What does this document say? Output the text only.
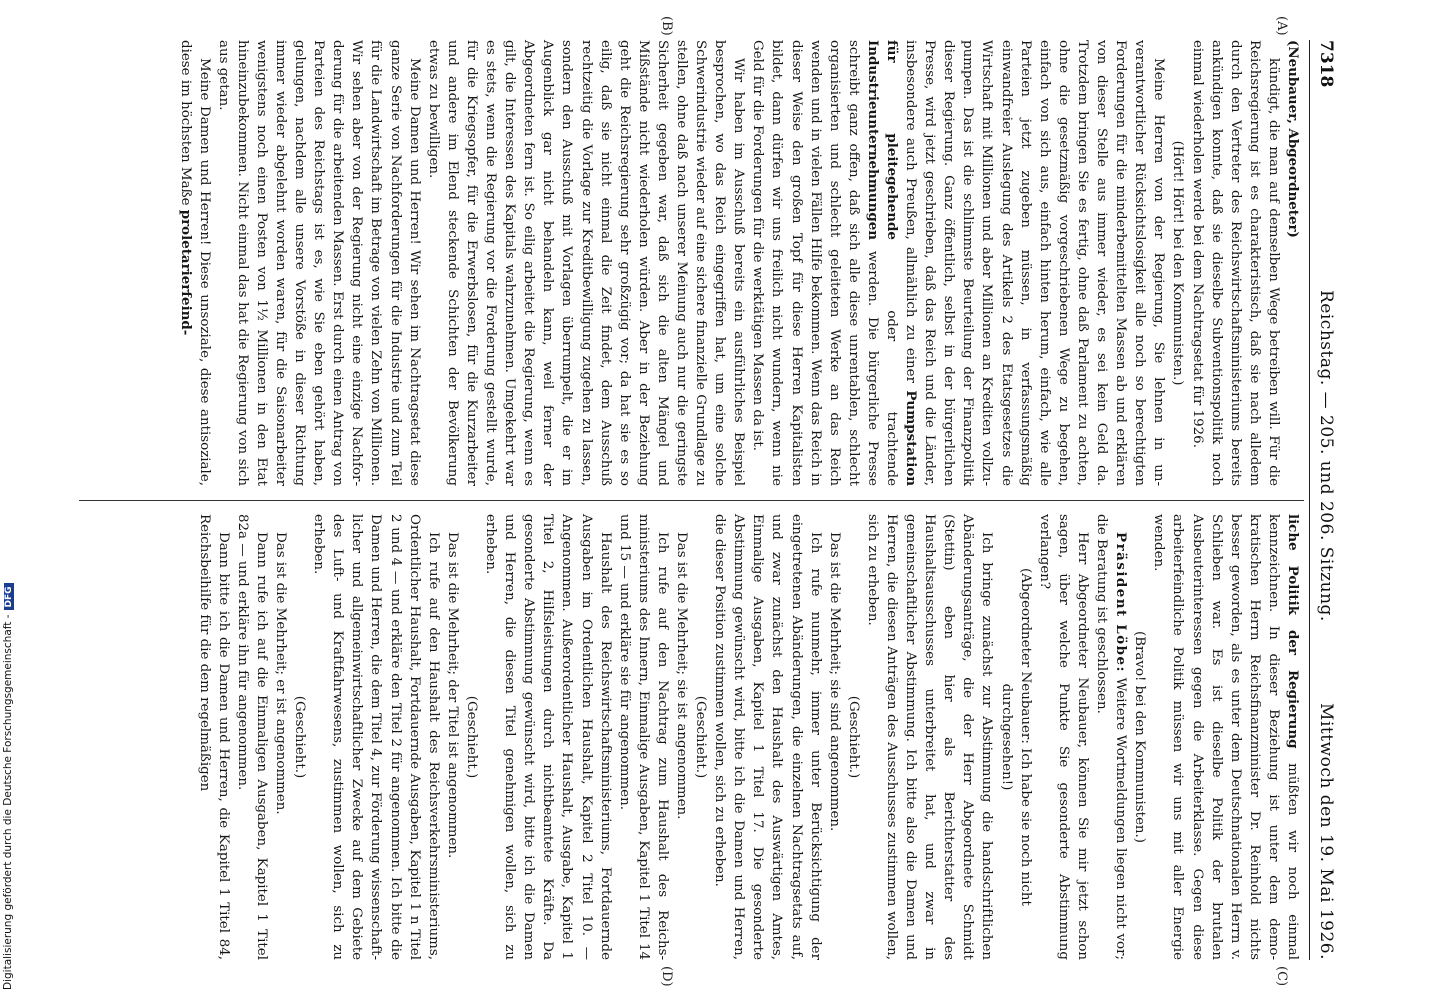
7318
Reichstag. — 205. und 206. Sitzung.
Mittwoch den 19. Mai 1926.
(A)
(B)
(C)
(D)

(Neubauer, Abgeordneter)

kündigt, die man auf demselben Wege betreiben will. Für die Reichsregierung ist es charakteristisch, daß sie nach alledem durch den Vertreter des Reichswirtschaftsministeriums bereits ankündigen konnte, daß sie dieselbe Subventionspolitik noch einmal wiederholen werde bei dem Nachtragsetat für 1926.

(Hört! Hört! bei den Kommunisten.)

Meine Herren von der Regierung, Sie lehnen in unverantwortlicher Rücksichtslosigkeit alle noch so berechtigten Forderungen für die minderbemittelten Massen ab und erklären von dieser Stelle aus immer wieder, es sei kein Geld da. Trotzdem bringen Sie es fertig, ohne daß Parlament zu achten, ohne die gesetzmäßig vorgeschriebenen Wege zu begehen, einfach von sich aus, einfach hinten herum, einfach, wie alle Parteien jetzt zugeben müssen, in verfassungsmäßig einwandfreier Auslegung des Artikels 2 des Etatsgesetzes die Wirtschaft mit Millionen und aber Millionen an Krediten vollzupumpen. Das ist die schlimmste Beurteilung der Finanzpolitik dieser Regierung. Ganz öffentlich, selbst in der bürgerlichen Presse, wird jetzt geschrieben, daß das Reich und die Länder, insbesondere auch Preußen, allmählich zu einer Pumpstation für pleitegehende oder trachtende Industrieunternehmungen werden. Die bürgerliche Presse schreibt ganz offen, daß sich alle diese unrentablen, schlecht organisierten und schlecht geleiteten Werke an das Reich wenden und in vielen Fällen Hilfe bekommen. Wenn das Reich in dieser Weise den großen Topf für diese Herren Kapitalisten bildet, dann dürfen wir uns freilich nicht wundern, wenn nie Geld für die Forderungen für die werktätigen Massen da ist.

Wir haben im Ausschuß bereits ein ausführliches Beispiel besprochen, wo das Reich eingegriffen hat, um eine solche Schwerindustrie wieder auf eine sichere finanzielle Grundlage zu stellen, ohne daß nach unserer Meinung auch nur die geringste Sicherheit gegeben war, daß sich die alten Mängel und Mißstände nicht wiederholen würden. Aber in der Beziehung geht die Reichsregierung sehr großzügig vor; da hat sie es so eilig, daß sie nicht einmal die Zeit findet, dem Ausschuß rechtzeitig die Vorlage zur Kreditbewilligung zugehen zu lassen, sondern den Ausschuß mit Vorlagen überrumpelt, die er im Augenblick gar nicht behandeln kann, weil ferner der Abgeordneten fern ist. So eilig arbeitet die Regierung, wenn es gilt, die Interessen des Kapitals wahrzunehmen. Umgekehrt war es stets, wenn die Regierung vor die Forderung gestellt wurde, für die Kriegsopfer, für die Erwerbslosen, für die Kurzarbeiter und andere im Elend steckende Schichten der Bevölkerung etwas zu bewilligen.

Meine Damen und Herren! Wir sehen im Nachtragsetat diese ganze Serie von Nachforderungen für die Industrie und zum Teil für die Landwirtschaft im Betrage von vielen Zehn von Millionen. Wir sehen aber von der Regierung nicht eine einzige Nachforderung für die arbeitenden Massen. Erst durch einen Antrag von Parteien des Reichstags ist es, wie Sie eben gehört haben, gelungen, nachdem alle unsere Vorstöße in dieser Richtung immer wieder abgelehnt worden waren, für die Saisonarbeiter wenigstens noch einen Posten von 1½ Millionen in den Etat hineinzubekommen. Nicht einmal das hat die Regierung von sich aus getan.

Meine Damen und Herren! Diese unsoziale, diese antisoziale, diese im höchsten Maße proletarierfeind-

liche Politik der Regierung müßten wir noch einmal kennzeichnen. In dieser Beziehung ist unter dem demokratischen Herrn Reichsfinanzminister Dr. Reinhold nichts besser geworden, als es unter dem Deutschnationalen Herrn v. Schlieben war. Es ist dieselbe Politik der brutalen Ausbeuterinteressen gegen die Arbeiterklasse. Gegen diese arbeiterfeindliche Politik müssen wir uns mit aller Energie wenden.

(Bravo! bei den Kommunisten.)

Präsident Löbe: Weitere Wortmeldungen liegen nicht vor; die Beratung ist geschlossen.

Herr Abgeordneter Neubauer, können Sie mir jetzt schon sagen, über welche Punkte Sie gesonderte Abstimmung verlangen?

(Abgeordneter Neubauer: Ich habe sie noch nicht durchgesehen!)

Ich bringe zunächst zur Abstimmung die handschriftlichen Abänderungsanträge, die der Herr Abgeordnete Schmidt (Stettin) eben hier als Berichterstatter des Haushaltsausschusses unterbreitet hat, und zwar in gemeinschaftlicher Abstimmung. Ich bitte also die Damen und Herren, die diesen Anträgen des Ausschusses zustimmen wollen, sich zu erheben.

(Geschieht.)

Das ist die Mehrheit; sie sind angenommen.

Ich rufe nunmehr, immer unter Berücksichtigung der eingetretenen Abänderungen, die einzelnen Nachtragsetats auf, und zwar zunächst den Haushalt des Auswärtigen Amtes, Einmalige Ausgaben, Kapitel 1 Titel 17. Die gesonderte Abstimmung gewünscht wird, bitte ich die Damen und Herren, die dieser Position zustimmen wollen, sich zu erheben.

(Geschieht.)

Das ist die Mehrheit; sie ist angenommen.

Ich rufe auf den Nachtrag zum Haushalt des Reichsministeriums des Innern, Einmalige Ausgaben, Kapitel 1 Titel 14 und 15 — und erkläre sie für angenommen.

Haushalt des Reichswirtschaftsministeriums, Fortdauernde Ausgaben im Ordentlichen Haushalt, Kapitel 2 Titel 10. — Angenommen. Außerordentlicher Haushalt, Ausgabe, Kapitel 1 Titel 2, Hilfsleistungen durch nichtbeamtete Kräfte. Da gesonderte Abstimmung gewünscht wird, bitte ich die Damen und Herren, die diesen Titel genehmigen wollen, sich zu erheben.

(Geschieht.)

Das ist die Mehrheit; der Titel ist angenommen.

Ich rufe auf den Haushalt des Reichsverkehrsministeriums, Ordentlicher Haushalt, Fortdauernde Ausgaben, Kapitel 1 n Titel 2 und 4 — und erkläre den Titel 2 für angenommen. Ich bitte die Damen und Herren, die dem Titel 4, zur Förderung wissenschaftlicher und allgemeinwirtschaftlicher Zwecke auf dem Gebiete des Luft- und Kraftfahrwesens, zustimmen wollen, sich zu erheben.

(Geschieht.)

Das ist die Mehrheit; er ist angenommen.

Dann rufe ich auf die Einmaligen Ausgaben, Kapitel 1 Titel 82a — und erkläre ihn für angenommen.

Dann bitte ich die Damen und Herren, die Kapitel 1 Titel 84, Reichsbeihilfe für die dem regelmäßigen

Digitalisierung gefördert durch die Deutsche Forschungsgemeinschaft -DFG
